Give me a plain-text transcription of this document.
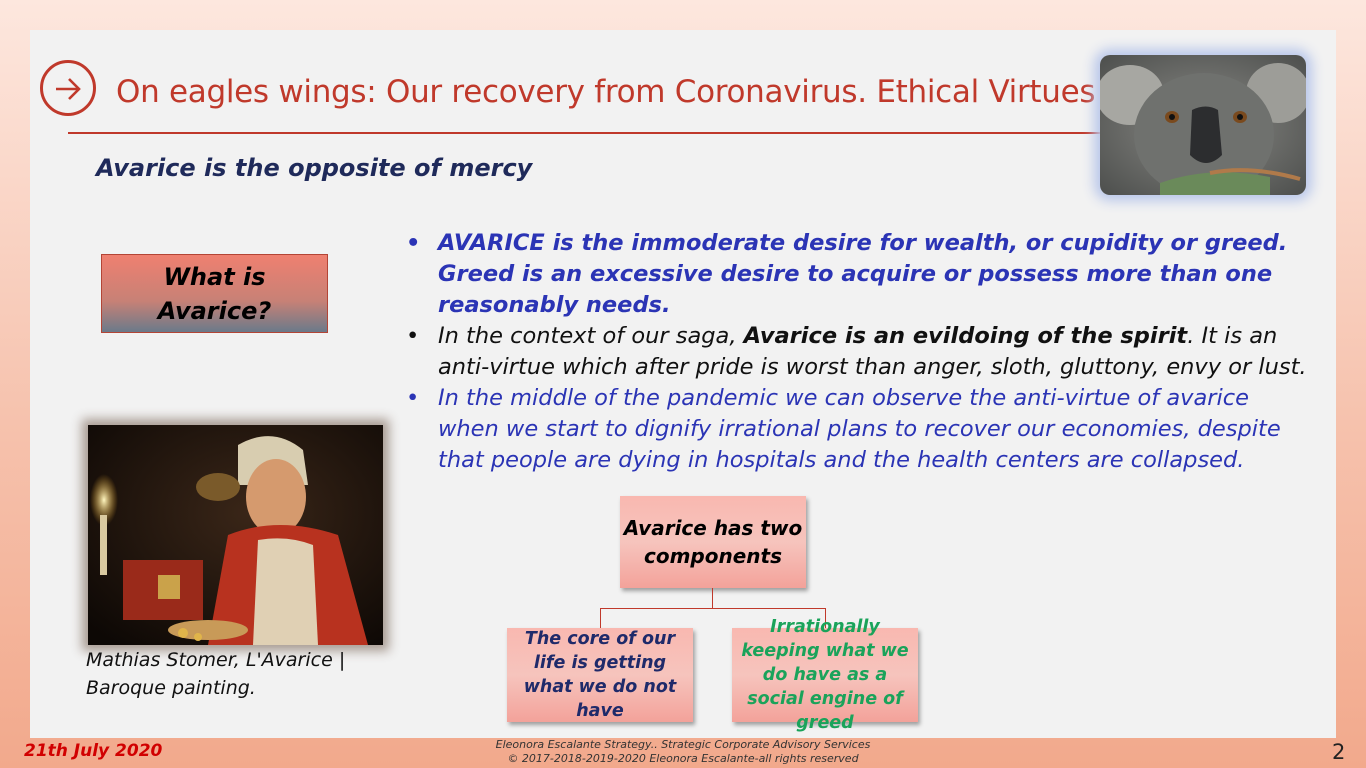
On eagles wings: Our recovery from Coronavirus. Ethical Virtues
Avarice is the opposite of mercy
What is
Avarice?
• AVARICE is the immoderate desire for wealth, or cupidity or greed. Greed is an excessive desire to acquire or possess more than one reasonably needs.
• In the context of our saga, Avarice is an evildoing of the spirit. It is an anti-virtue which after pride is worst than anger, sloth, gluttony, envy or lust.
• In the middle of the pandemic we can observe the anti-virtue of avarice when we start to dignify irrational plans to recover our economies, despite that people are dying in hospitals and the health centers are collapsed.
Mathias Stomer, L'Avarice | Baroque painting.
Avarice has two components
The core of our life is getting what we do not have
Irrationally keeping what we do have as a social engine of greed
21th July 2020	Eleonora Escalante Strategy.. Strategic Corporate Advisory Services
© 2017-2018-2019-2020 Eleonora Escalante-all rights reserved	2
